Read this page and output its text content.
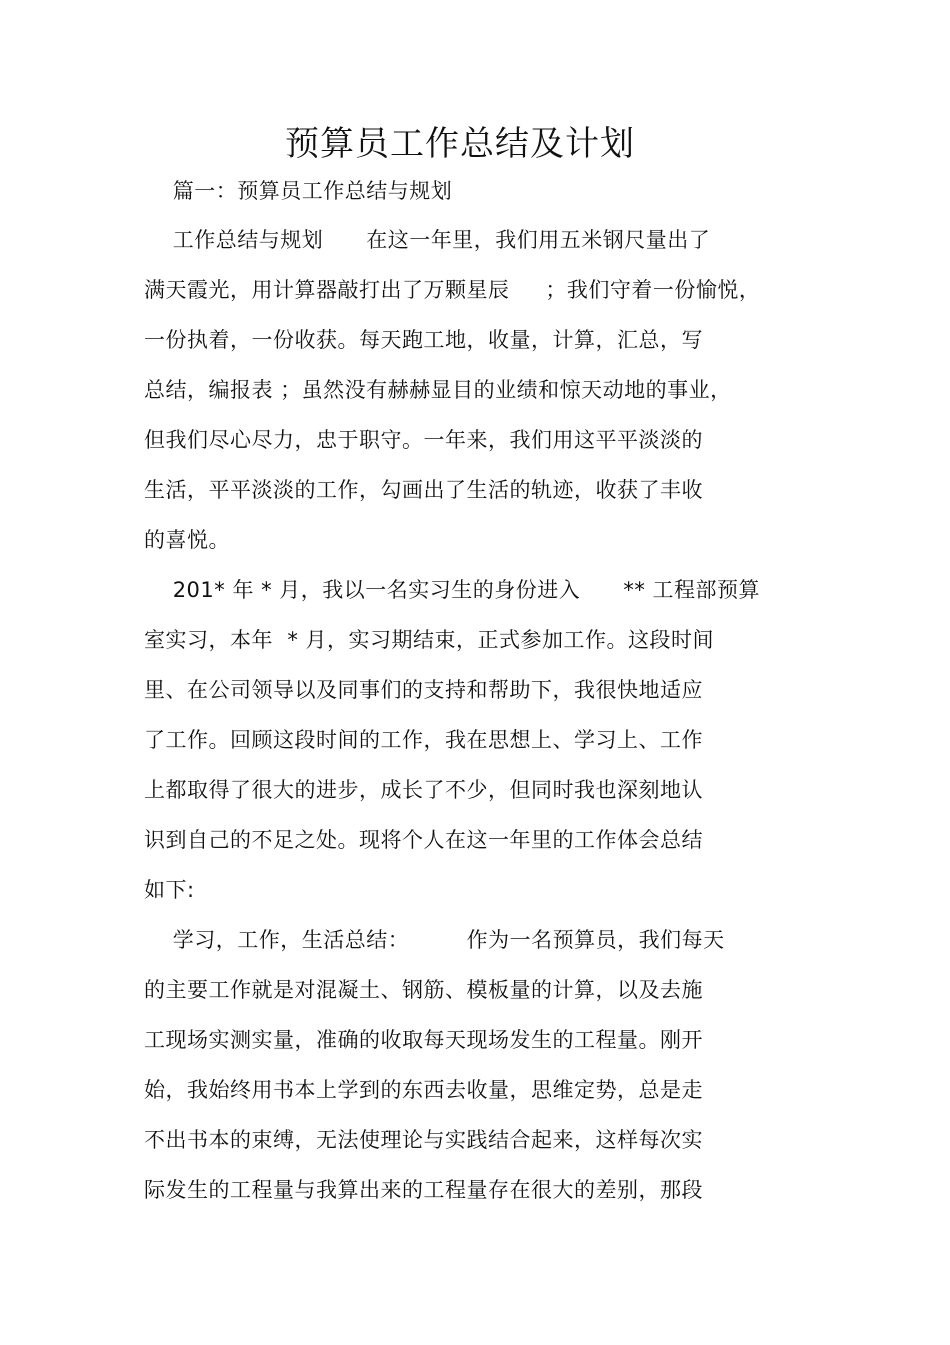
预算员工作总结及计划
篇一：预算员工作总结与规划
工作总结与规划      在这一年里，我们用五米钢尺量出了
满天霞光，用计算器敲打出了万颗星辰     ；我们守着一份愉悦，
一份执着，一份收获。每天跑工地，收量，计算，汇总，写
总结，编报表 ；虽然没有赫赫显目的业绩和惊天动地的事业，
但我们尽心尽力，忠于职守。一年来，我们用这平平淡淡的
生活，平平淡淡的工作，勾画出了生活的轨迹，收获了丰收
的喜悦。
201* 年 * 月，我以一名实习生的身份进入      ** 工程部预算
室实习，本年  * 月，实习期结束，正式参加工作。这段时间
里、在公司领导以及同事们的支持和帮助下，我很快地适应
了工作。回顾这段时间的工作，我在思想上、学习上、工作
上都取得了很大的进步，成长了不少，但同时我也深刻地认
识到自己的不足之处。现将个人在这一年里的工作体会总结
如下:
学习，工作，生活总结：        作为一名预算员，我们每天
的主要工作就是对混凝土、钢筋、模板量的计算，以及去施
工现场实测实量，准确的收取每天现场发生的工程量。刚开
始，我始终用书本上学到的东西去收量，思维定势，总是走
不出书本的束缚，无法使理论与实践结合起来，这样每次实
际发生的工程量与我算出来的工程量存在很大的差别，那段
